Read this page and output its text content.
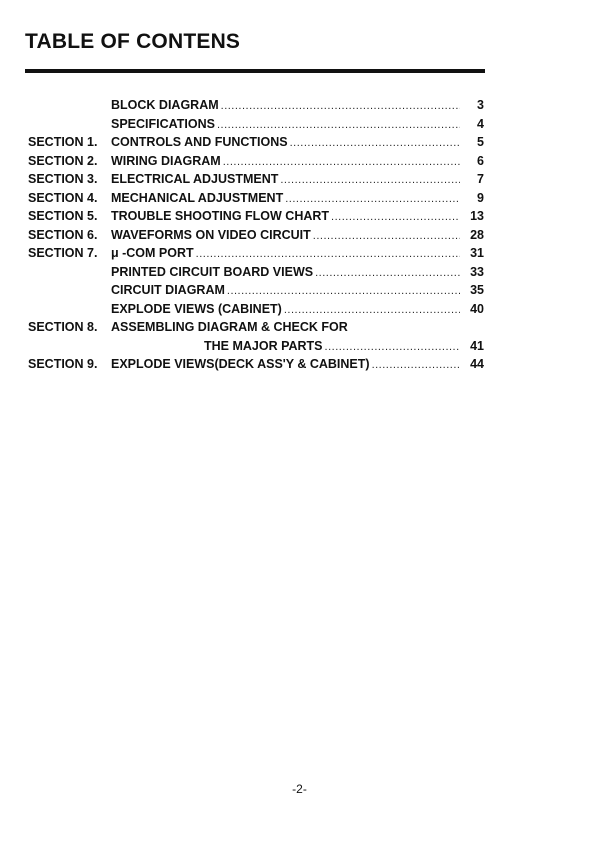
TABLE OF CONTENS
BLOCK DIAGRAM .....	3
SPECIFICATIONS .....	4
SECTION 1. CONTROLS AND FUNCTIONS .....	5
SECTION 2. WIRING DIAGRAM .....	6
SECTION 3. ELECTRICAL ADJUSTMENT .....	7
SECTION 4. MECHANICAL ADJUSTMENT .....	9
SECTION 5. TROUBLE SHOOTING FLOW CHART .....	13
SECTION 6. WAVEFORMS ON VIDEO CIRCUIT .....	28
SECTION 7. μ -COM PORT .....	31
PRINTED CIRCUIT BOARD VIEWS .....	33
CIRCUIT DIAGRAM .....	35
EXPLODE VIEWS (CABINET) .....	40
SECTION 8. ASSEMBLING DIAGRAM & CHECK FOR
THE MAJOR PARTS .....	41
SECTION 9. EXPLODE VIEWS(DECK ASS'Y & CABINET) .....	44
-2-
